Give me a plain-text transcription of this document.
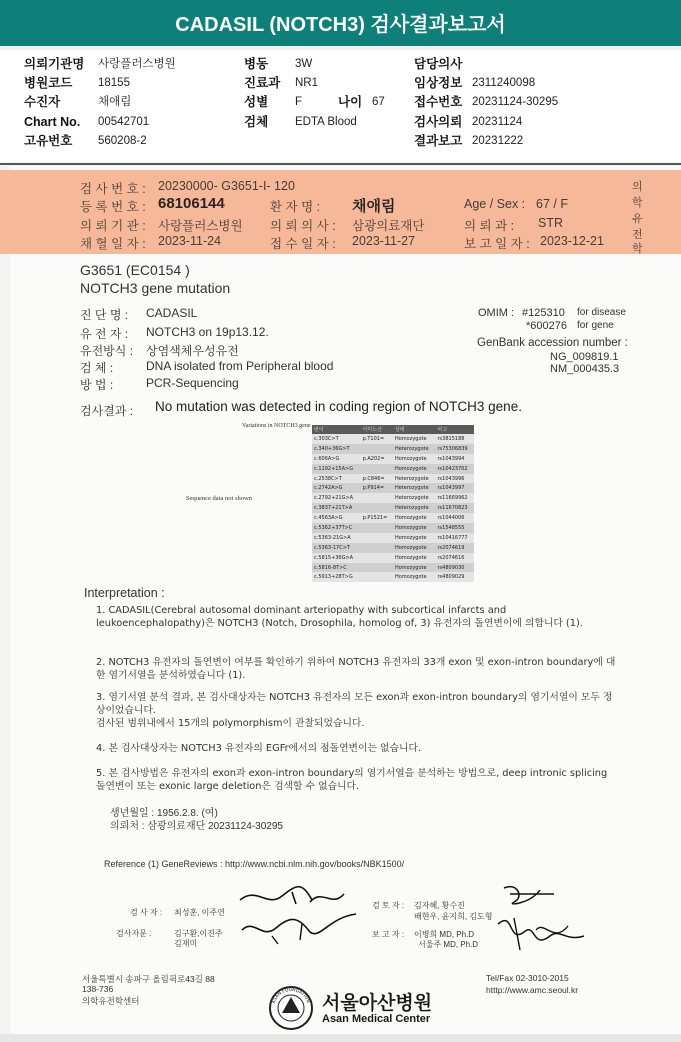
CADASIL (NOTCH3) 검사결과보고서
의뢰기관명 사랑플러스병원	병동 3W	담당의사
병원코드 18155	진료과 NR1	임상정보 2311240098
수진자	채애림	성별 F	나이 67 접수번호 20231124-30295
Chart No. 00542701	검체 EDTA Blood	검사의뢰 20231124
고유번호 560208-2	결과보고 20231222
검 사 번 호 : 20230000- G3651-I- 120
등 록 번 호 : 68106144	환 자 명 : 채애림	Age / Sex : 67 / F
의 뢰 기 관 : 사랑플러스병원 의 뢰 의 사 : 삼광의료재단	의 뢰 과 : STR
채 혈 일 자 : 2023-11-24	접 수 일 자 : 2023-11-27	보 고 일 자 : 2023-12-21
의
학
유
전
학
G3651 (EC0154 )
NOTCH3 gene mutation
진 단 명 : CADASIL
유 전 자 : NOTCH3 on 19p13.12.
유전방식 : 상염색체우성유전
검 체 :	DNA isolated from Peripheral blood
방 법 :	PCR-Sequencing
OMIM : #125310 for disease
*600276 for gene
GenBank accession number :
NG_009819.1
NM_000435.3
검사결과 : No mutation was detected in coding region of NOTCH3 gene.
Variations in NOTCH3 gene
Sequence data not shown
변이	아미노산	상태	비고
c.303C>T	p.T101=	Homozygote	rs3815188
c.340+36G>T		Heterozygote	rs75306839
c.606A>G	p.A202=	Homozygote	rs1043994
c.1192+15A>G		Homozygote	rs10423702
c.2538C>T	p.C846=	Heterozygote	rs1043996
c.2742A>G	p.P914=	Heterozygote	rs1043997
c.2792+21G>A		Heterozygote	rs11669962
c.3837+21T>A		Heterozygote	rs11670823
c.4563A>G	p.P1521=	Homozygote	rs1044006
c.5362+37T>C		Homozygote	rs1548555
c.5363-21G>A		Homozygote	rs10416777
c.5363-17C>T		Homozygote	rs2074619
c.5815+36G>A		Homozygote	rs2074616
c.5816-8T>C		Homozygote	rs4809030
c.5913+28T>G		Homozygote	rs4809029
Interpretation :
1. CADASIL(Cerebral autosomal dominant arteriopathy with subcortical infarcts and leukoencephalopathy)은 NOTCH3 (Notch, Drosophila, homolog of, 3) 유전자의 돌연변이에 의합니다 (1).
2. NOTCH3 유전자의 돌연변이 여부를 확인하기 위하여 NOTCH3 유전자의 33개 exon 및 exon-intron boundary에 대한 염기서열을 분석하였습니다 (1).
3. 염기서열 분석 결과, 본 검사대상자는 NOTCH3 유전자의 모든 exon과 exon-intron boundary의 염기서열이 모두 정상이었습니다.
검사된 범위내에서 15개의 polymorphism이 관찰되었습니다.
4. 본 검사대상자는 NOTCH3 유전자의 EGFr에서의 점돌연변이는 없습니다.
5. 본 검사방법은 유전자의 exon과 exon-intron boundary의 염기서열을 분석하는 방법으로, deep intronic splicing 돌연변이 또는 exonic large deletion은 검색할 수 없습니다.
생년월일 : 1956.2.8. (여)
의뢰처 : 삼광의료재단 20231124-30295
Reference (1) GeneReviews : http://www.ncbi.nlm.nih.gov/books/NBK1500/
검 사 자 : 최성훈, 이주연
검사자문 :	김구환,이진주
김재미
검 토 자 : 김자혜, 황수진
배현우, 윤지희, 김도형
보 고 자 : 이병희 MD, Ph.D
서울주 MD, Ph.D
서울특별시 송파구 올림픽로43길 88
138-736
의학유전학센터
Tel/Fax 02-3010-2015
htttp://www.amc.seoul.kr
ASAN FOUNDATION 서울아산병원
Asan Medical Center
